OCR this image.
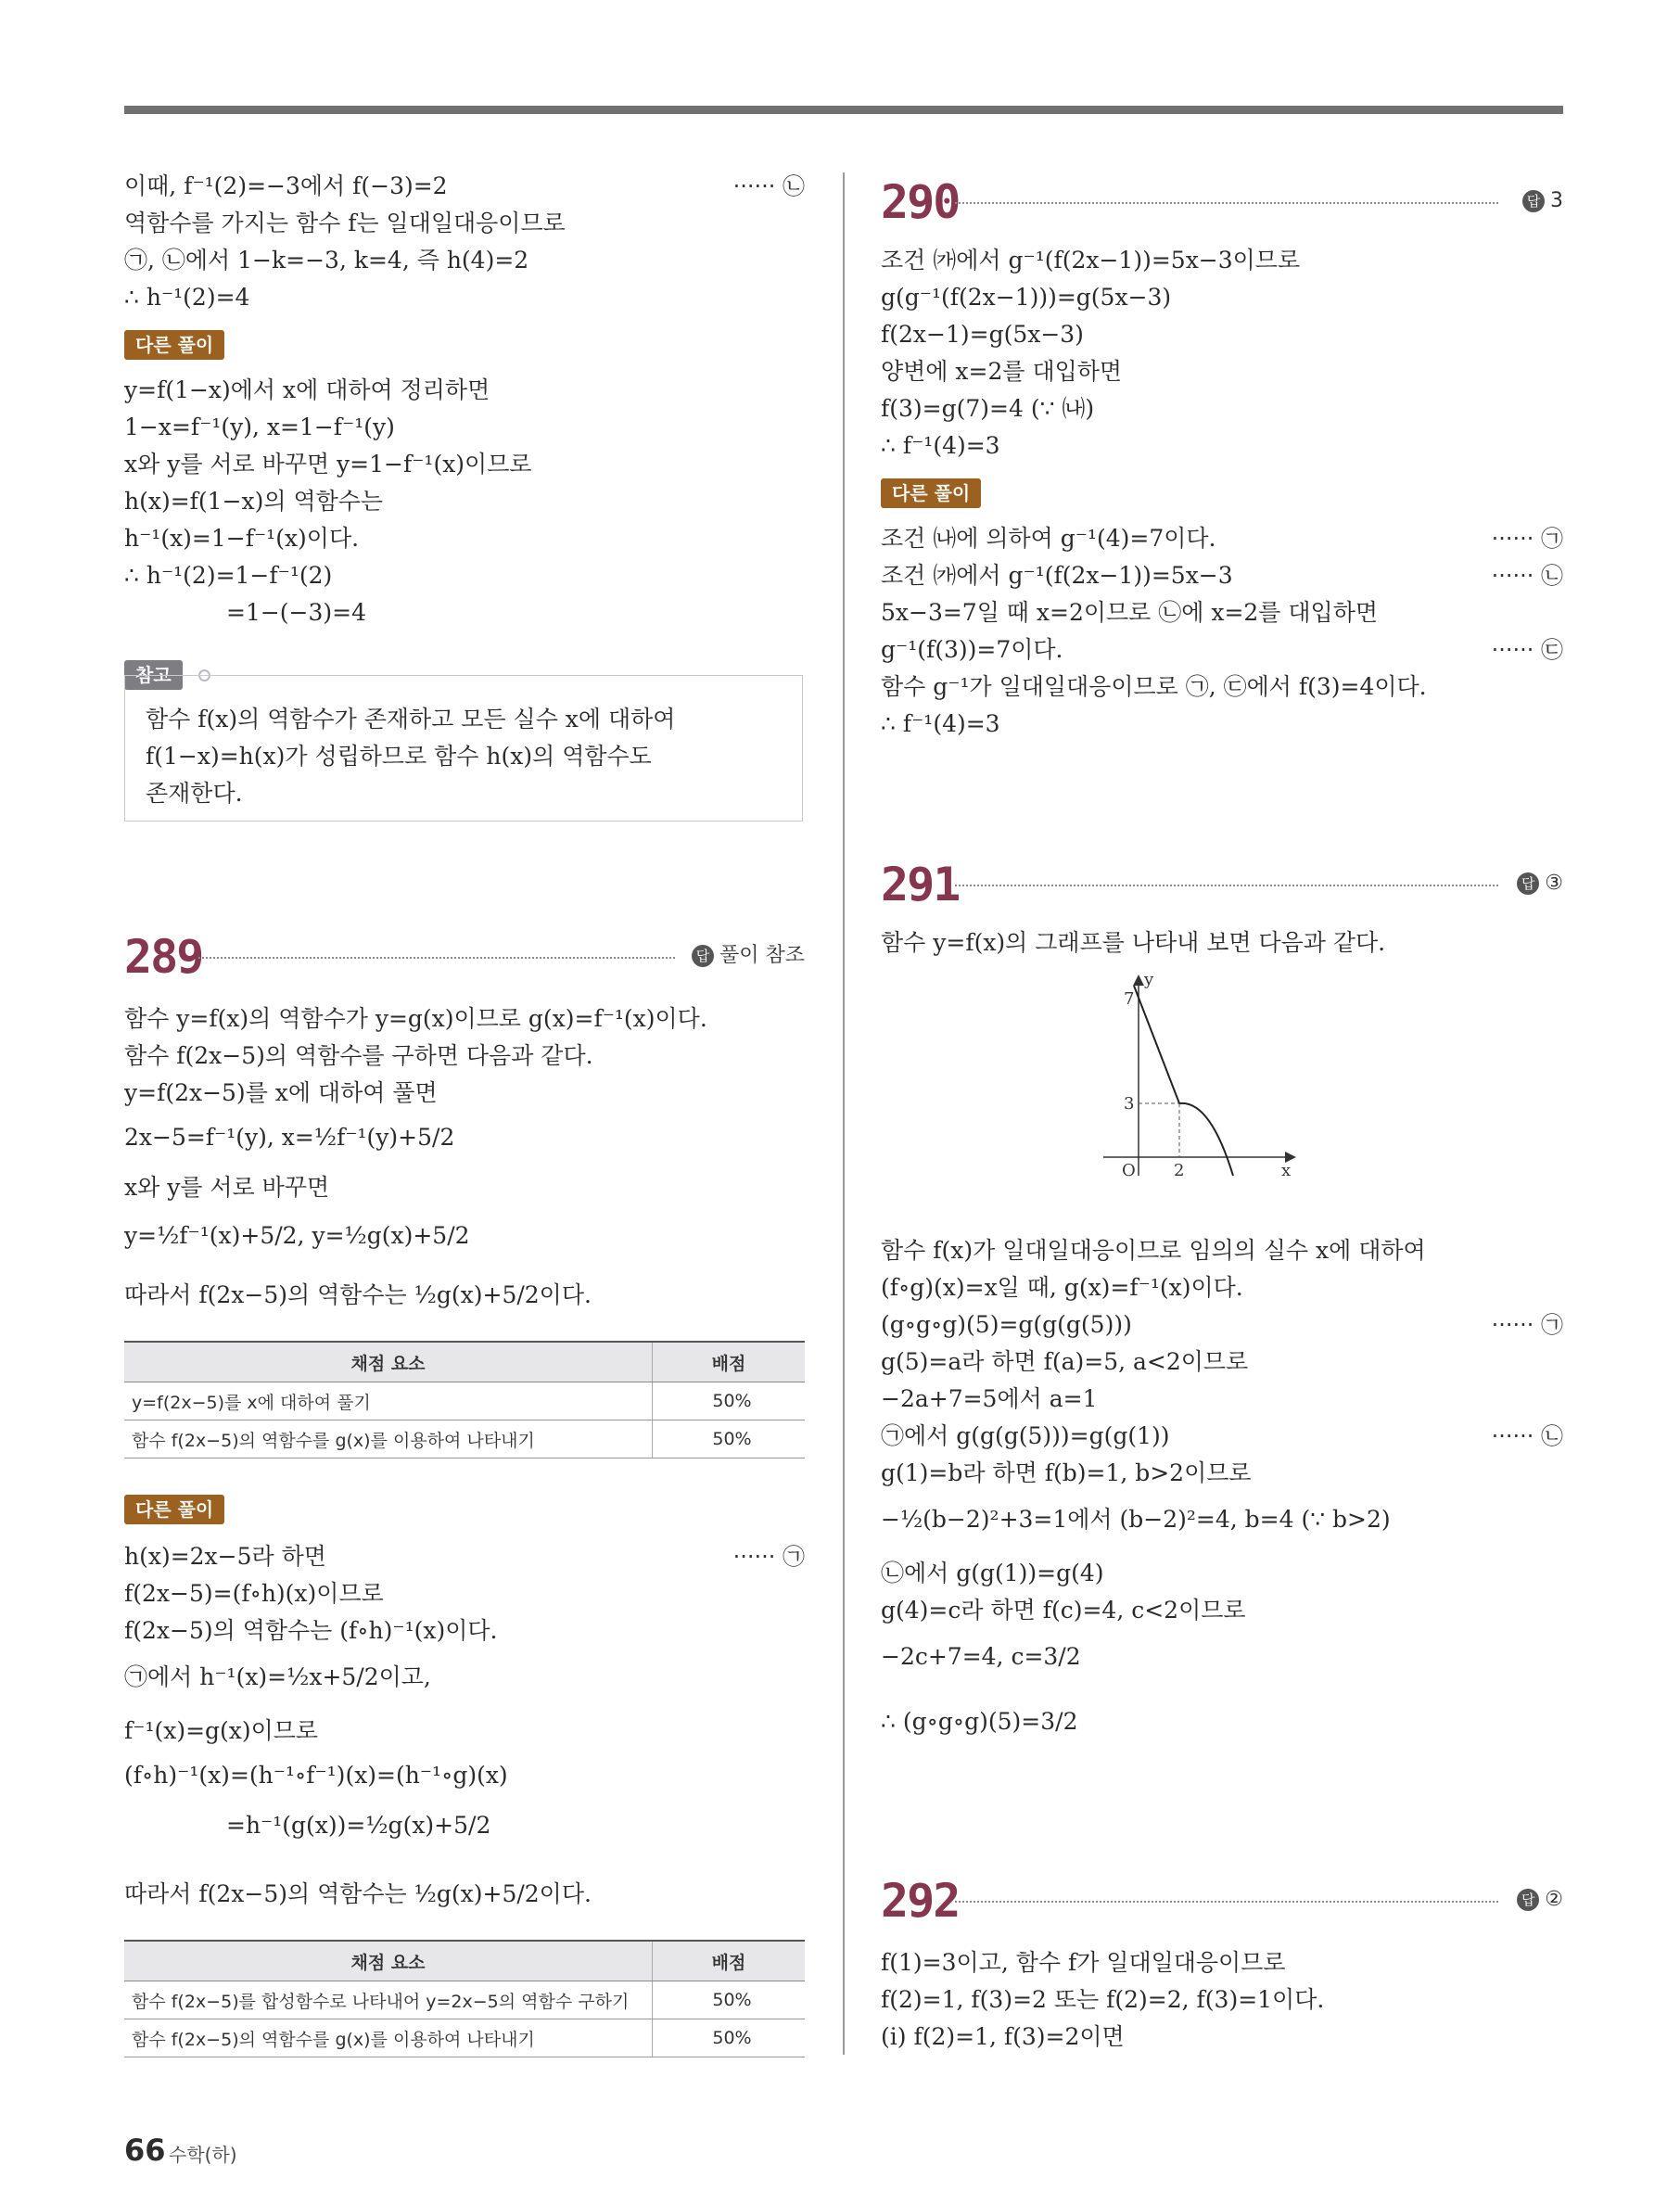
이때, f⁻¹(2)=−3에서 f(−3)=2	······ ㉡
역함수를 가지는 함수 f는 일대일대응이므로
㉠, ㉡에서 1−k=−3, k=4, 즉 h(4)=2
∴ h⁻¹(2)=4
다른 풀이
y=f(1−x)에서 x에 대하여 정리하면
1−x=f⁻¹(y), x=1−f⁻¹(y)
x와 y를 서로 바꾸면 y=1−f⁻¹(x)이므로
h(x)=f(1−x)의 역함수는
h⁻¹(x)=1−f⁻¹(x)이다.
∴ h⁻¹(2)=1−f⁻¹(2)
=1−(−3)=4
참고
함수 f(x)의 역함수가 존재하고 모든 실수 x에 대하여
f(1−x)=h(x)가 성립하므로 함수 h(x)의 역함수도
존재한다.
289	답 풀이 참조
함수 y=f(x)의 역함수가 y=g(x)이므로 g(x)=f⁻¹(x)이다.
함수 f(2x−5)의 역함수를 구하면 다음과 같다.
y=f(2x−5)를 x에 대하여 풀면
2x−5=f⁻¹(y), x=½f⁻¹(y)+5/2
x와 y를 서로 바꾸면
y=½f⁻¹(x)+5/2, y=½g(x)+5/2
따라서 f(2x−5)의 역함수는 ½g(x)+5/2이다.
채점 요소	배점
y=f(2x−5)를 x에 대하여 풀기	50%
함수 f(2x−5)의 역함수를 g(x)를 이용하여 나타내기	50%
다른 풀이
h(x)=2x−5라 하면	······ ㉠
f(2x−5)=(f∘h)(x)이므로
f(2x−5)의 역함수는 (f∘h)⁻¹(x)이다.
㉠에서 h⁻¹(x)=½x+5/2이고,
f⁻¹(x)=g(x)이므로
(f∘h)⁻¹(x)=(h⁻¹∘f⁻¹)(x)=(h⁻¹∘g)(x)
=h⁻¹(g(x))=½g(x)+5/2
따라서 f(2x−5)의 역함수는 ½g(x)+5/2이다.
채점 요소	배점
함수 f(2x−5)를 합성함수로 나타내어 y=2x−5의 역함수 구하기	50%
함수 f(2x−5)의 역함수를 g(x)를 이용하여 나타내기	50%
290	답 3
조건 ㈎에서 g⁻¹(f(2x−1))=5x−3이므로
g(g⁻¹(f(2x−1)))=g(5x−3)
f(2x−1)=g(5x−3)
양변에 x=2를 대입하면
f(3)=g(7)=4 (∵ ㈏)
∴ f⁻¹(4)=3
다른 풀이
조건 ㈏에 의하여 g⁻¹(4)=7이다.	······ ㉠
조건 ㈎에서 g⁻¹(f(2x−1))=5x−3	······ ㉡
5x−3=7일 때 x=2이므로 ㉡에 x=2를 대입하면
g⁻¹(f(3))=7이다.	······ ㉢
함수 g⁻¹가 일대일대응이므로 ㉠, ㉢에서 f(3)=4이다.
∴ f⁻¹(4)=3
291	답 ③
함수 y=f(x)의 그래프를 나타내 보면 다음과 같다.
y
x
O 2
3
7
함수 f(x)가 일대일대응이므로 임의의 실수 x에 대하여
(f∘g)(x)=x일 때, g(x)=f⁻¹(x)이다.
(g∘g∘g)(5)=g(g(g(5)))	······ ㉠
g(5)=a라 하면 f(a)=5, a<2이므로
−2a+7=5에서 a=1
㉠에서 g(g(g(5)))=g(g(1))	······ ㉡
g(1)=b라 하면 f(b)=1, b>2이므로
−½(b−2)²+3=1에서 (b−2)²=4, b=4 (∵ b>2)
㉡에서 g(g(1))=g(4)
g(4)=c라 하면 f(c)=4, c<2이므로
−2c+7=4, c=3/2
∴ (g∘g∘g)(5)=3/2
292	답 ②
f(1)=3이고, 함수 f가 일대일대응이므로
f(2)=1, f(3)=2 또는 f(2)=2, f(3)=1이다.
(i) f(2)=1, f(3)=2이면
66 수학(하)
